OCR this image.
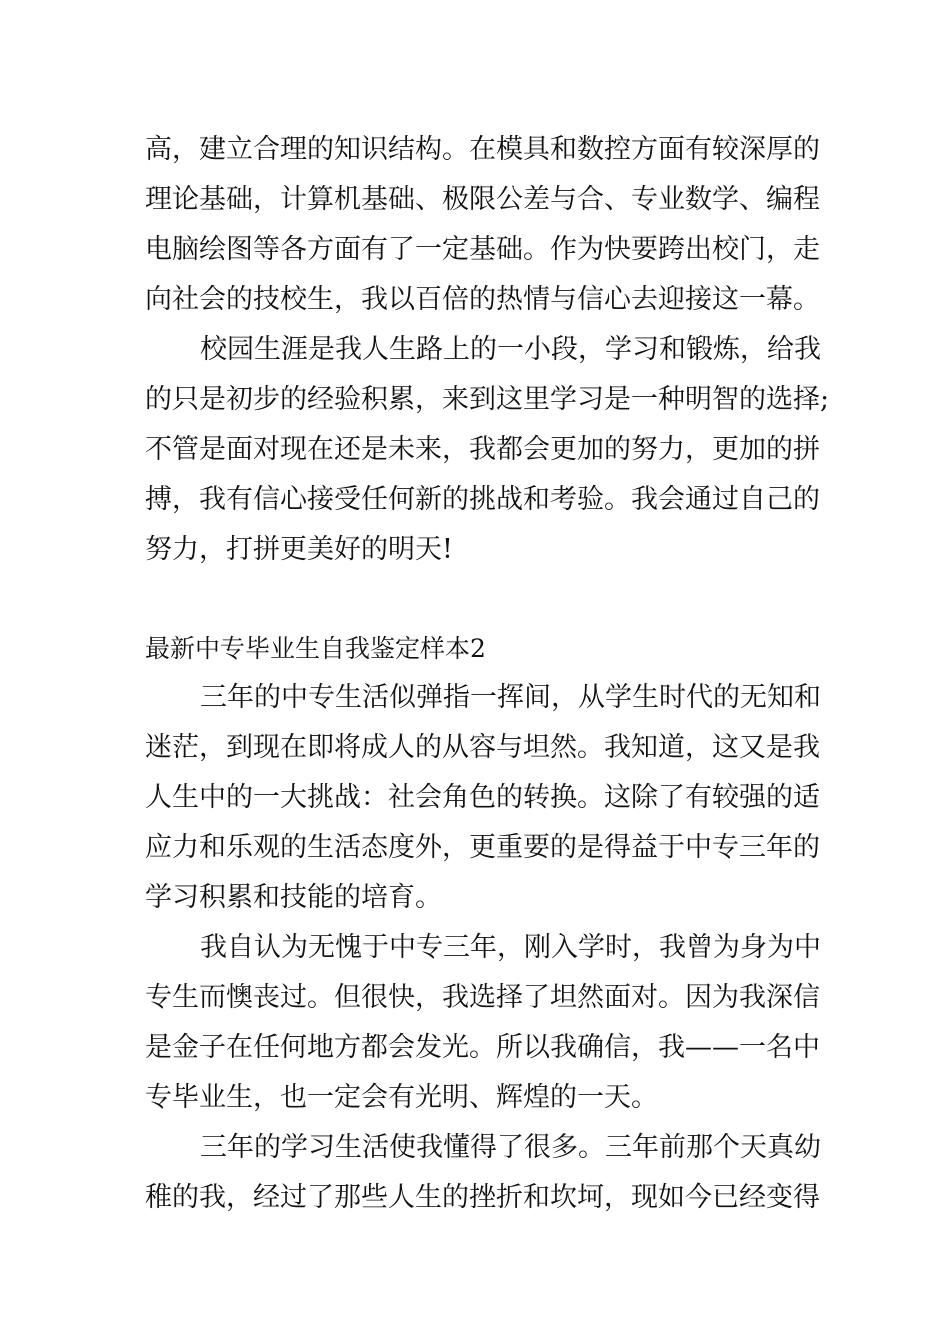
高，建立合理的知识结构。在模具和数控方面有较深厚的
理论基础，计算机基础、极限公差与合、专业数学、编程
电脑绘图等各方面有了一定基础。作为快要跨出校门，走
向社会的技校生，我以百倍的热情与信心去迎接这一幕。
校园生涯是我人生路上的一小段，学习和锻炼，给我
的只是初步的经验积累，来到这里学习是一种明智的选择;
不管是面对现在还是未来，我都会更加的努力，更加的拼
搏，我有信心接受任何新的挑战和考验。我会通过自己的
努力，打拼更美好的明天!
最新中专毕业生自我鉴定样本2
三年的中专生活似弹指一挥间，从学生时代的无知和
迷茫，到现在即将成人的从容与坦然。我知道，这又是我
人生中的一大挑战：社会角色的转换。这除了有较强的适
应力和乐观的生活态度外，更重要的是得益于中专三年的
学习积累和技能的培育。
我自认为无愧于中专三年，刚入学时，我曾为身为中
专生而懊丧过。但很快，我选择了坦然面对。因为我深信
是金子在任何地方都会发光。所以我确信，我——一名中
专毕业生，也一定会有光明、辉煌的一天。
三年的学习生活使我懂得了很多。三年前那个天真幼
稚的我，经过了那些人生的挫折和坎坷，现如今已经变得
